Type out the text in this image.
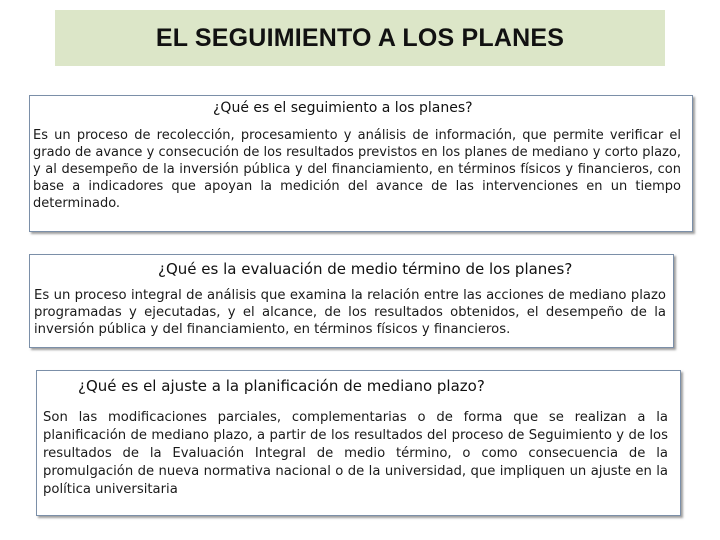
EL SEGUIMIENTO A LOS PLANES
¿Qué es el seguimiento a los planes?
Es un proceso de recolección, procesamiento y análisis de información, que permite verificar el grado de avance y consecución de los resultados previstos en los planes de mediano y corto plazo, y al desempeño de la inversión pública y del financiamiento, en términos físicos y financieros, con base a indicadores que apoyan la medición del avance de las intervenciones en un tiempo determinado.
¿Qué es la evaluación de medio término de los planes?
Es un proceso integral de análisis que examina la relación entre las acciones de mediano plazo programadas y ejecutadas, y el alcance, de los resultados obtenidos, el desempeño de la inversión pública y del financiamiento, en términos físicos y financieros.
¿Qué es el ajuste a la planificación de mediano plazo?
Son las modificaciones parciales, complementarias o de forma que se realizan a la planificación de mediano plazo, a partir de los resultados del proceso de Seguimiento y de los resultados de la Evaluación Integral de medio término, o como consecuencia de la promulgación de nueva normativa nacional o de la universidad, que impliquen un ajuste en la política universitaria
